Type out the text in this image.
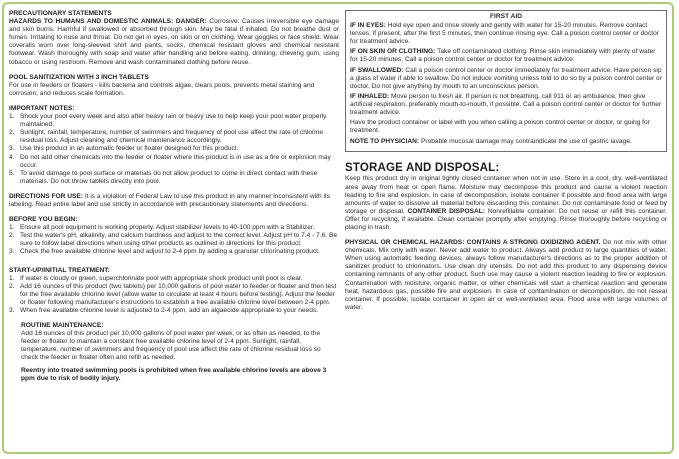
PRECAUTIONARY STATEMENTS

HAZARDS TO HUMANS AND DOMESTIC ANIMALS: DANGER: Corrosive: Causes irreversible eye damage and skin burns. Harmful if swallowed or absorbed through skin. May be fatal if inhaled. Do not breathe dust or fumes. Irritating to nose and throat. Do not get in eyes, on skin or on clothing. Wear goggles or face shield. Wear coveralls worn over long-sleeved shirt and pants, socks, chemical resistant gloves and chemical resistant footwear. Wash thoroughly with soap and water after handling and before eating, drinking, chewing gum, using tobacco or using restroom. Remove and wash contaminated clothing before reuse.

POOL SANITIZATION WITH 3 INCH TABLETS

For use in feeders or floaters - kills bacteria and controls algae, clears pools, prevents metal staining and corrosion, and reduces scale formation.

IMPORTANT NOTES:

1. Shock your pool every week and also after heavy rain or heavy use to help keep your pool water properly maintained.
2. Sunlight, rainfall, temperature, number of swimmers and frequency of pool use affect the rate of chlorine residual loss. Adjust cleaning and chemical maintenance accordingly.
3. Use this product in an automatic feeder or floater designed for this product.
4. Do not add other chemicals into the feeder or floater where this product is in use as a fire or explosion may occur.
5. To avoid damage to pool surface or materials do not allow product to come in direct contact with these materials. Do not throw tablets directly into pool.

DIRECTIONS FOR USE: It is a violation of Federal Law to use this product in any manner inconsistent with its labeling. Read entire label and use strictly in accordance with precautionary statements and directions.

BEFORE YOU BEGIN:

1. Ensure all pool equipment is working properly. Adjust stabilizer levels to 40-100 ppm with a Stabilizer.
2. Test the water's pH, alkalinity, and calcium hardness and adjust to the correct level. Adjust pH to 7.4 - 7.6. Be sure to follow label directions when using other products as outlined in directions for this product.
3. Check the free available chlorine level and adjust to 2-4 ppm by adding a granular chlorinating product.

START-UP/INITIAL TREATMENT:

1. If water is cloudy or green, superchlorinate pool with appropriate shock product until pool is clear.
2. Add 16 ounces of this product (two tablets) per 10,000 gallons of pool water to feeder or floater and then test for the free available chlorine level (allow water to circulate at least 4 hours before testing). Adjust the feeder or floater following manufacturer's instructions to establish a free available chlorine level between 2-4 ppm.
3. When free available chlorine level is adjusted to 2-4 ppm, add an algaecide appropriate to your needs.

ROUTINE MAINTENANCE:

Add 16 ounces of this product per 10,000 gallons of pool water per week, or as often as needed, to the feeder or floater to maintain a constant free available chlorine level of 2-4 ppm. Sunlight, rainfall, temperature, number of swimmers and frequency of pool use affect the rate of chlorine residual loss so check the feeder or floater often and refill as needed.

Reentry into treated swimming pools is prohibited when free available chlorine levels are above 3 ppm due to risk of bodily injury.

FIRST AID

IF IN EYES: Hold eye open and rinse slowly and gently with water for 15-20 minutes. Remove contact lenses, if present, after the first 5 minutes, then continue rinsing eye. Call a poison control center or doctor for treatment advice.

IF ON SKIN OR CLOTHING: Take off contaminated clothing. Rinse skin immediately with plenty of water for 15-20 minutes. Call a poison control center or doctor for treatment advice.

IF SWALLOWED: Call a poison control center or doctor immediately for treatment advice. Have person sip a glass of water if able to swallow. Do not induce vomiting unless told to do so by a poison control center or doctor. Do not give anything by mouth to an unconscious person.

IF INHALED: Move person to fresh air. If person is not breathing, call 911 or an ambulance, then give artificial respiration, preferably mouth-to-mouth, if possible. Call a poison control center or doctor for further treatment advice.

Have the product container or label with you when calling a poison control center or doctor, or going for treatment.

NOTE TO PHYSICIAN: Probable mucosal damage may contraindicate the use of gastric lavage.

STORAGE AND DISPOSAL:

Keep this product dry in original tightly closed container when not in use. Store in a cool, dry, well-ventilated area away from heat or open flame. Moisture may decompose this product and cause a violent reaction leading to fire and explosion. In case of decomposition, isolate container if possible and flood area with large amounts of water to dissolve all material before discarding this container. Do not contaminate food or feed by storage or disposal. CONTAINER DISPOSAL: Nonrefillable container. Do not reuse or refill this container. Offer for recycling, if available. Clean container promptly after emptying. Rinse thoroughly before recycling or placing in trash.

PHYSICAL OR CHEMICAL HAZARDS: CONTAINS A STRONG OXIDIZING AGENT. Do not mix with other chemicals. Mix only with water. Never add water to product. Always add product to large quantities of water. When using automatic feeding devices, always follow manufacturer's directions as to the proper addition of sanitizer product to chlorinators. Use clean dry utensils. Do not add this product to any dispensing device containing remnants of any other product. Such use may cause a violent reaction leading to fire or explosion. Contamination with moisture, organic matter, or other chemicals will start a chemical reaction and generate heat, hazardous gas, possible fire and explosion. In case of contamination or decomposition, do not reseal container. If possible, isolate container in open air or well-ventilated area. Flood area with large volumes of water.
